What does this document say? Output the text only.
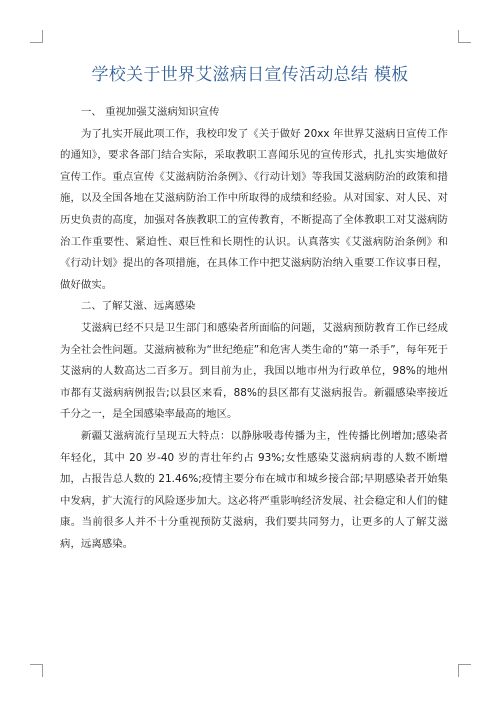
学校关于世界艾滋病日宣传活动总结 模板

一、 重视加强艾滋病知识宣传

为了扎实开展此项工作，我校印发了《关于做好 20xx 年世界艾滋病日宣传工作的通知》，要求各部门结合实际，采取教职工喜闻乐见的宣传形式，扎扎实实地做好宣传工作。重点宣传《艾滋病防治条例》、《行动计划》等我国艾滋病防治的政策和措施，以及全国各地在艾滋病防治工作中所取得的成绩和经验。从对国家、对人民、对历史负责的高度，加强对各族教职工的宣传教育，不断提高了全体教职工对艾滋病防治工作重要性、紧迫性、艰巨性和长期性的认识。认真落实《艾滋病防治条例》和《行动计划》提出的各项措施，在具体工作中把艾滋病防治纳入重要工作议事日程，做好做实。

二、了解艾滋、远离感染

艾滋病已经不只是卫生部门和感染者所面临的问题，艾滋病预防教育工作已经成为全社会性问题。艾滋病被称为“世纪绝症”和危害人类生命的“第一杀手”，每年死于艾滋病的人数高达二百多万。到目前为止，我国以地市州为行政单位，98%的地州市都有艾滋病病例报告;以县区来看，88%的县区都有艾滋病报告。新疆感染率接近千分之一，是全国感染率最高的地区。

新疆艾滋病流行呈现五大特点：以静脉吸毒传播为主，性传播比例增加;感染者年轻化，其中 20 岁-40 岁的青壮年约占 93%;女性感染艾滋病病毒的人数不断增加，占报告总人数的 21.46%;疫情主要分布在城市和城乡接合部;早期感染者开始集中发病，扩大流行的风险逐步加大。这必将严重影响经济发展、社会稳定和人们的健康。当前很多人并不十分重视预防艾滋病，我们要共同努力，让更多的人了解艾滋病，远离感染。
